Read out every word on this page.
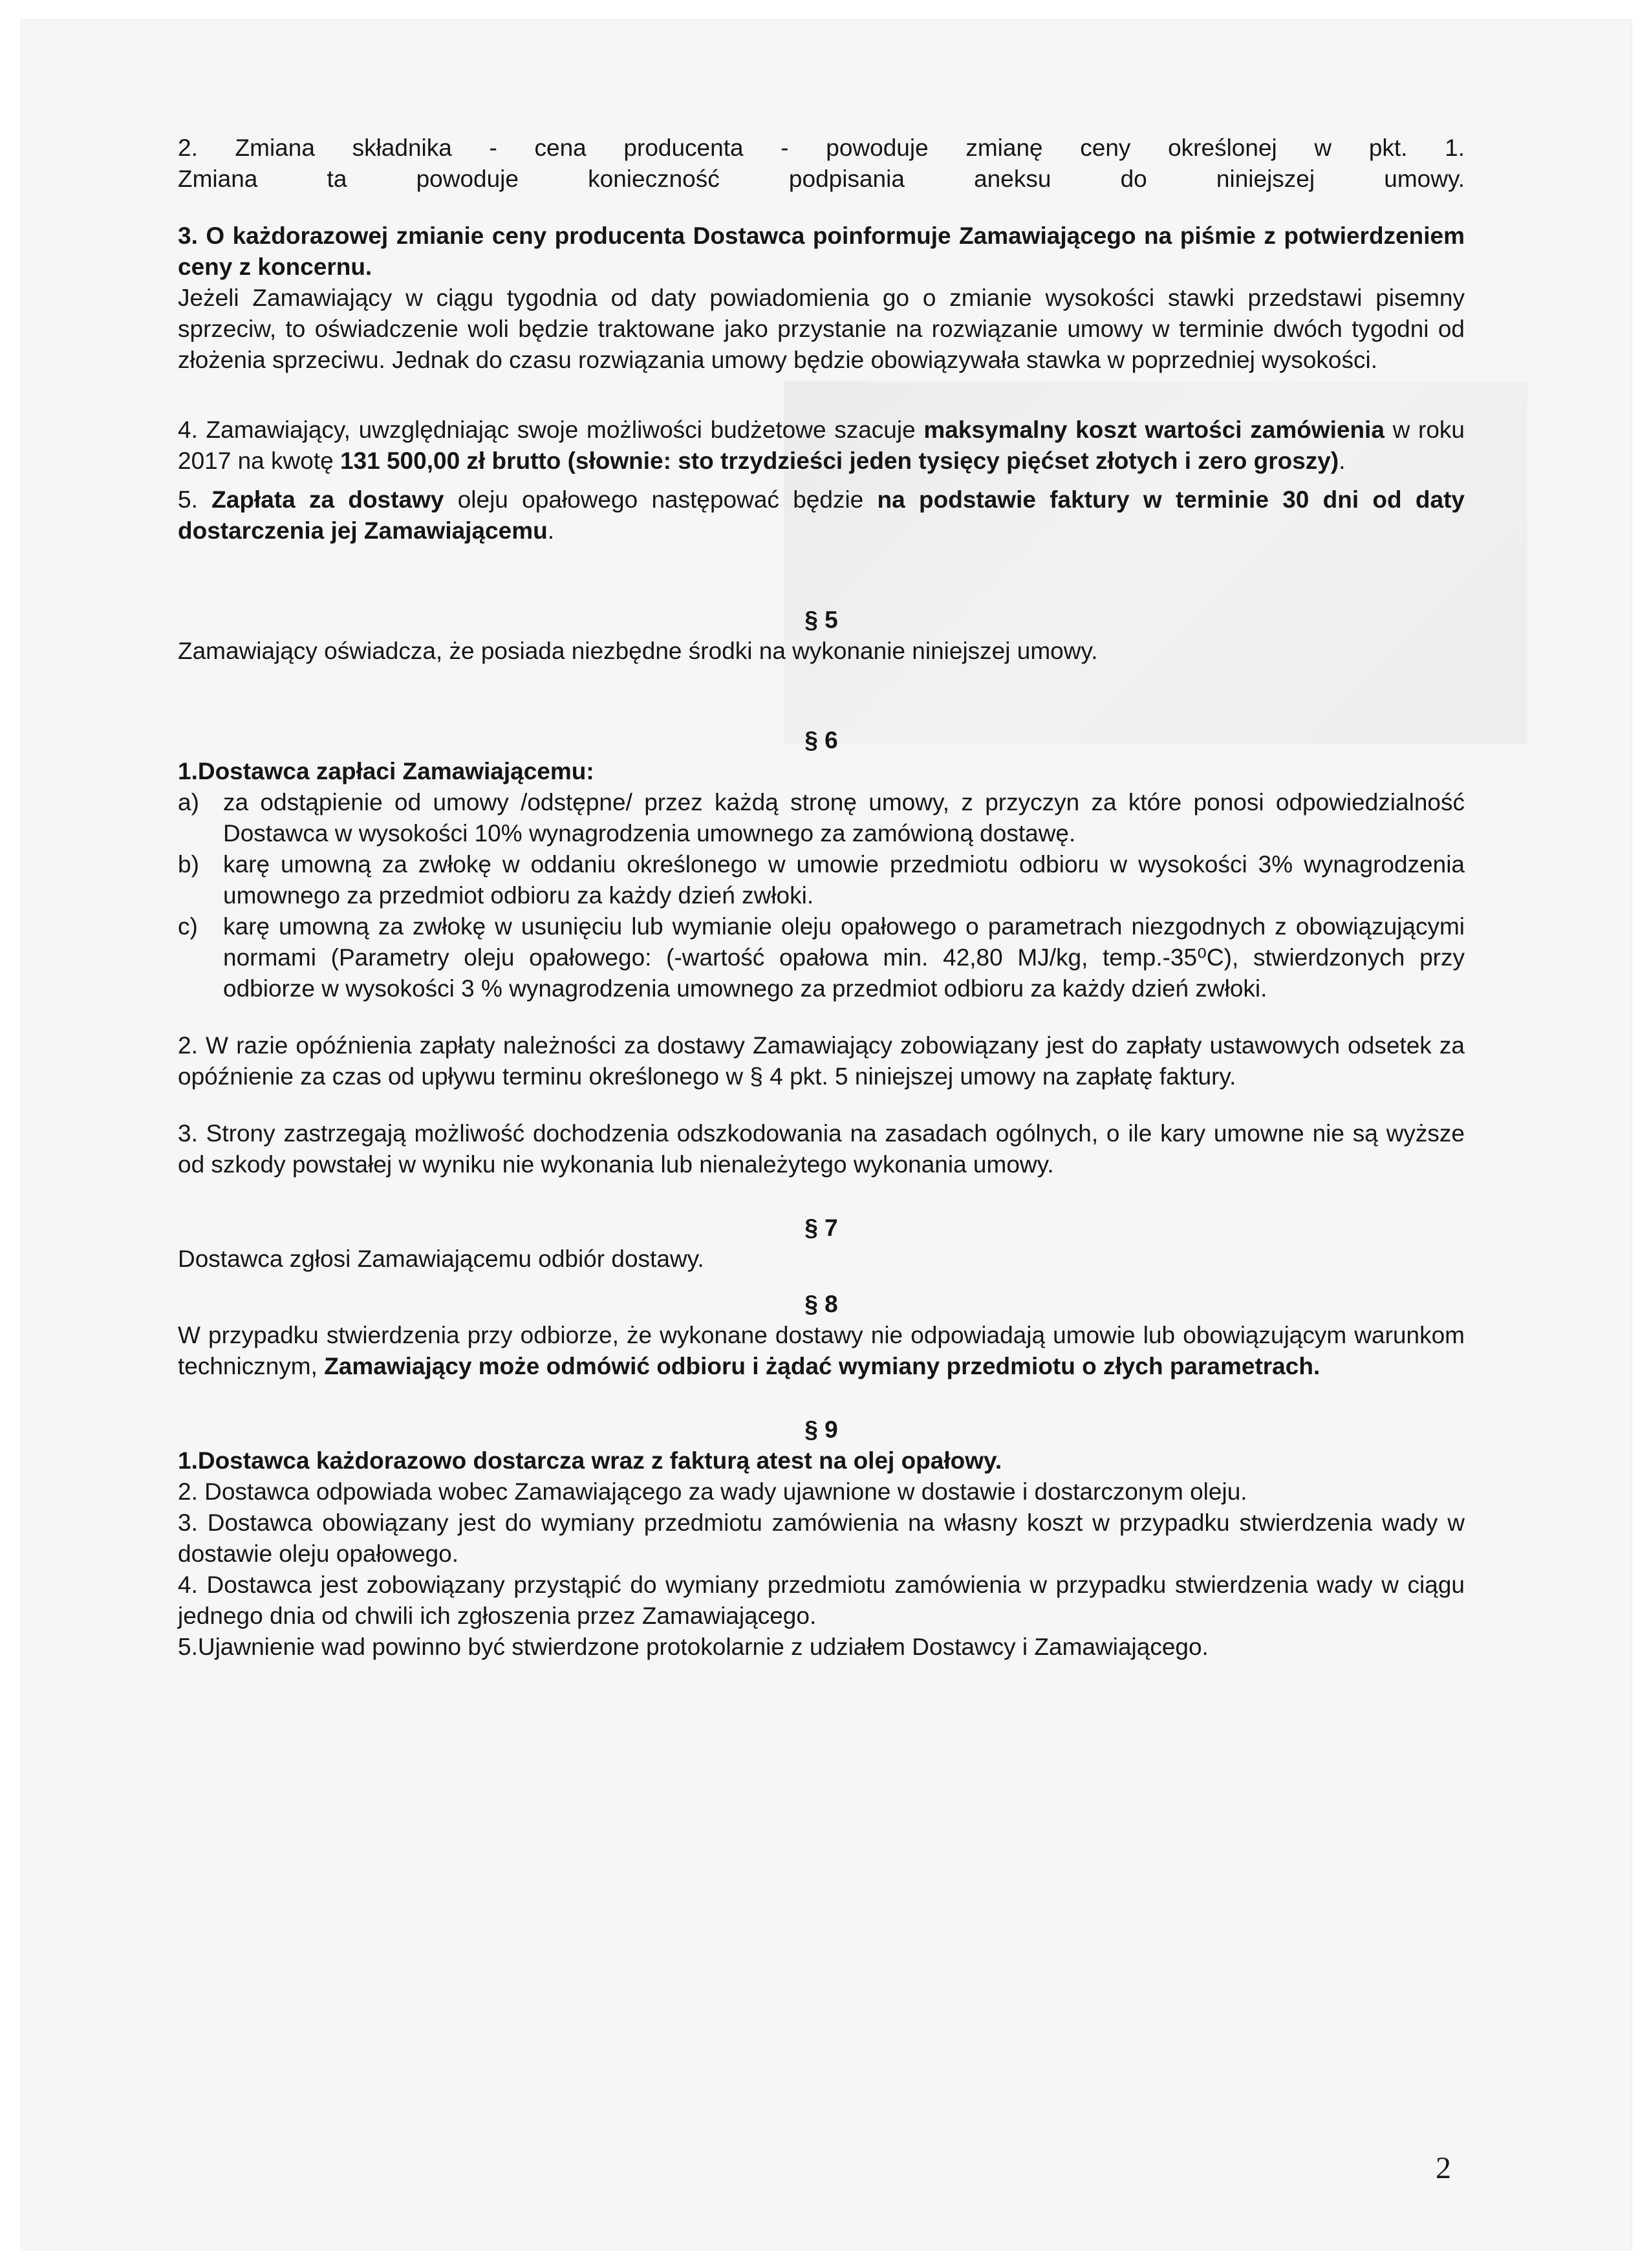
2. Zmiana składnika - cena producenta - powoduje zmianę ceny określonej w pkt. 1.

Zmiana ta powoduje konieczność podpisania aneksu do niniejszej umowy.

3. O każdorazowej zmianie ceny producenta Dostawca poinformuje Zamawiającego na piśmie z potwierdzeniem ceny z koncernu.

Jeżeli Zamawiający w ciągu tygodnia od daty powiadomienia go o zmianie wysokości stawki przedstawi pisemny sprzeciw, to oświadczenie woli będzie traktowane jako przystanie na rozwiązanie umowy w terminie dwóch tygodni od złożenia sprzeciwu. Jednak do czasu rozwiązania umowy będzie obowiązywała stawka w poprzedniej wysokości.

4. Zamawiający, uwzględniając swoje możliwości budżetowe szacuje maksymalny koszt wartości zamówienia w roku 2017 na kwotę 131 500,00 zł brutto (słownie: sto trzydzieści jeden tysięcy pięćset złotych i zero groszy).

5. Zapłata za dostawy oleju opałowego następować będzie na podstawie faktury w terminie 30 dni od daty dostarczenia jej Zamawiającemu.

§ 5

Zamawiający oświadcza, że posiada niezbędne środki na wykonanie niniejszej umowy.

§ 6

1.Dostawca zapłaci Zamawiającemu:

a)	za odstąpienie od umowy /odstępne/ przez każdą stronę umowy, z przyczyn za które ponosi odpowiedzialność Dostawca w wysokości 10% wynagrodzenia umownego za zamówioną dostawę.
b)	karę umowną za zwłokę w oddaniu określonego w umowie przedmiotu odbioru w wysokości 3% wynagrodzenia umownego za przedmiot odbioru za każdy dzień zwłoki.
c)	karę umowną za zwłokę w usunięciu lub wymianie oleju opałowego o parametrach niezgodnych z obowiązującymi normami (Parametry oleju opałowego: (-wartość opałowa min. 42,80 MJ/kg, temp.-35⁰C), stwierdzonych przy odbiorze w wysokości 3 % wynagrodzenia umownego za przedmiot odbioru za każdy dzień zwłoki.

2. W razie opóźnienia zapłaty należności za dostawy Zamawiający zobowiązany jest do zapłaty ustawowych odsetek za opóźnienie za czas od upływu terminu określonego w § 4 pkt. 5 niniejszej umowy na zapłatę faktury.

3. Strony zastrzegają możliwość dochodzenia odszkodowania na zasadach ogólnych, o ile kary umowne nie są wyższe od szkody powstałej w wyniku nie wykonania lub nienależytego wykonania umowy.

§ 7

Dostawca zgłosi Zamawiającemu odbiór dostawy.

§ 8

W przypadku stwierdzenia przy odbiorze, że wykonane dostawy nie odpowiadają umowie lub obowiązującym warunkom technicznym, Zamawiający może odmówić odbioru i żądać wymiany przedmiotu o złych parametrach.

§ 9

1.Dostawca każdorazowo dostarcza wraz z fakturą atest na olej opałowy.

2. Dostawca odpowiada wobec Zamawiającego za wady ujawnione w dostawie i dostarczonym oleju.

3. Dostawca obowiązany jest do wymiany przedmiotu zamówienia na własny koszt w przypadku stwierdzenia wady w dostawie oleju opałowego.

4. Dostawca jest zobowiązany przystąpić do wymiany przedmiotu zamówienia w przypadku stwierdzenia wady w ciągu jednego dnia od chwili ich zgłoszenia przez Zamawiającego.

5.Ujawnienie wad powinno być stwierdzone protokolarnie z udziałem Dostawcy i Zamawiającego.

2
